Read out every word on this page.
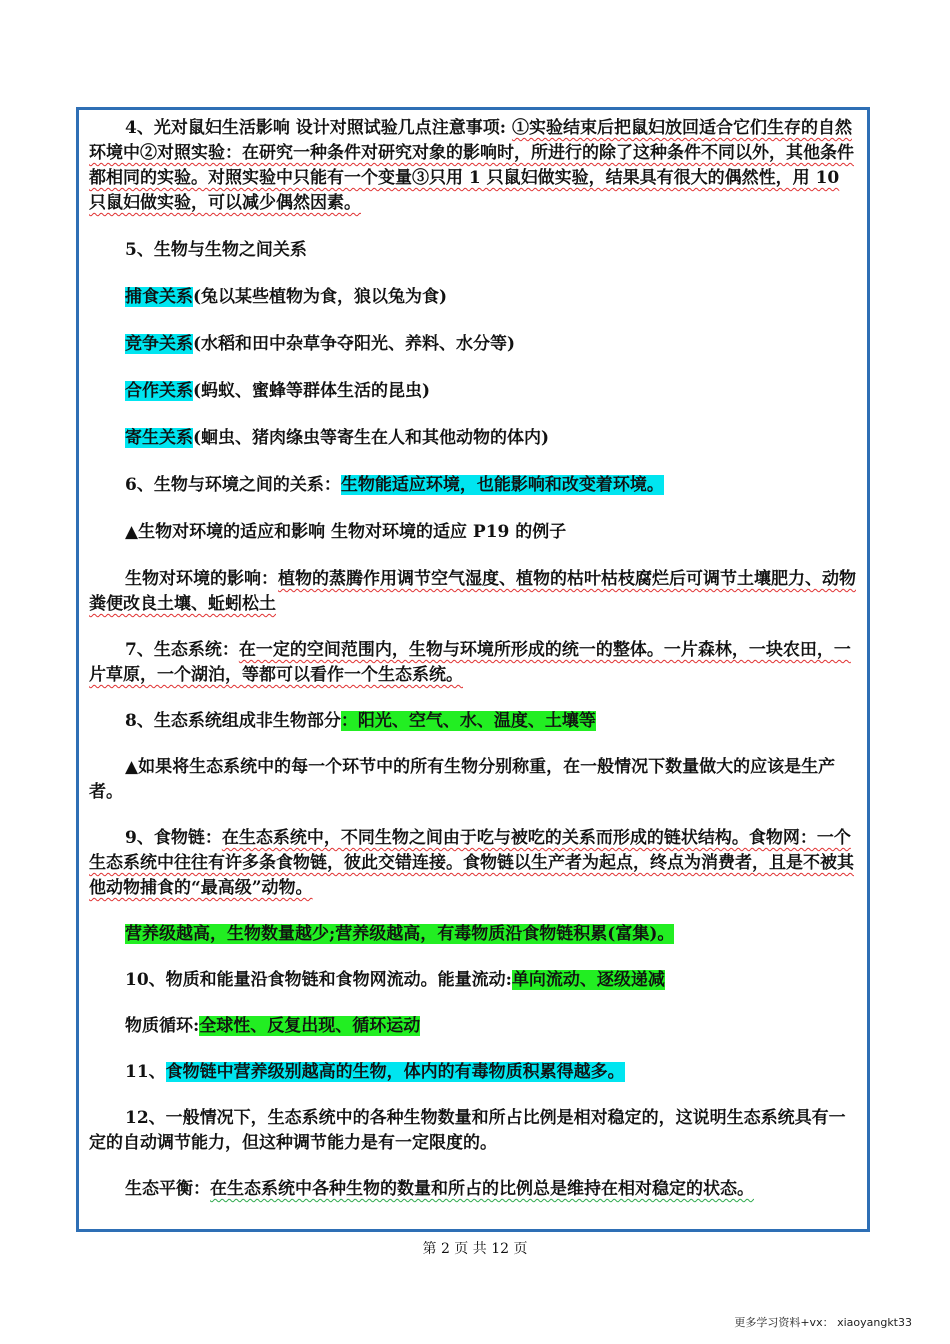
4、光对鼠妇生活影响 设计对照试验几点注意事项: ①实验结束后把鼠妇放回适合它们生存的自然环境中②对照实验：在研究一种条件对研究对象的影响时，所进行的除了这种条件不同以外，其他条件都相同的实验。对照实验中只能有一个变量③只用 1 只鼠妇做实验，结果具有很大的偶然性，用 10 只鼠妇做实验，可以减少偶然因素。

5、生物与生物之间关系

捕食关系(兔以某些植物为食，狼以兔为食)

竞争关系(水稻和田中杂草争夺阳光、养料、水分等)

合作关系(蚂蚁、蜜蜂等群体生活的昆虫)

寄生关系(蛔虫、猪肉绦虫等寄生在人和其他动物的体内)

6、生物与环境之间的关系：生物能适应环境，也能影响和改变着环境。

▲生物对环境的适应和影响 生物对环境的适应 P19 的例子

生物对环境的影响：植物的蒸腾作用调节空气湿度、植物的枯叶枯枝腐烂后可调节土壤肥力、动物粪便改良土壤、蚯蚓松土

7、生态系统：在一定的空间范围内，生物与环境所形成的统一的整体。一片森林，一块农田，一片草原，一个湖泊，等都可以看作一个生态系统。

8、生态系统组成非生物部分：阳光、空气、水、温度、土壤等

▲如果将生态系统中的每一个环节中的所有生物分别称重，在一般情况下数量做大的应该是生产者。

9、食物链：在生态系统中，不同生物之间由于吃与被吃的关系而形成的链状结构。食物网：一个生态系统中往往有许多条食物链，彼此交错连接。食物链以生产者为起点，终点为消费者，且是不被其他动物捕食的“最高级”动物。

营养级越高，生物数量越少;营养级越高，有毒物质沿食物链积累(富集)。

10、物质和能量沿食物链和食物网流动。能量流动:单向流动、逐级递减

物质循环:全球性、反复出现、循环运动

11、食物链中营养级别越高的生物，体内的有毒物质积累得越多。

12、一般情况下，生态系统中的各种生物数量和所占比例是相对稳定的，这说明生态系统具有一定的自动调节能力，但这种调节能力是有一定限度的。

生态平衡：在生态系统中各种生物的数量和所占的比例总是维持在相对稳定的状态。

第 2 页 共 12 页
更多学习资料+vx： xiaoyangkt33
